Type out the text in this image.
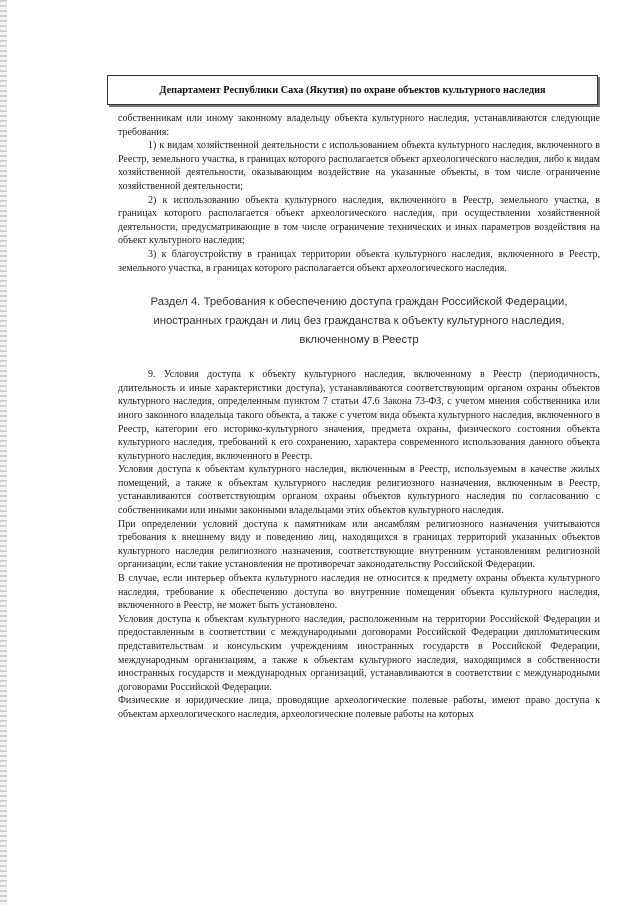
Департамент Республики Саха (Якутия) по охране объектов культурного наследия

собственникам или иному законному владельцу объекта культурного наследия, устанавливаются следующие требования:

1) к видам хозяйственной деятельности с использованием объекта культурного наследия, включенного в Реестр, земельного участка, в границах которого располагается объект археологического наследия, либо к видам хозяйственной деятельности, оказывающим воздействие на указанные объекты, в том числе ограничение хозяйственной деятельности;

2) к использованию объекта культурного наследия, включенного в Реестр, земельного участка, в границах которого располагается объект археологического наследия, при осуществлении хозяйственной деятельности, предусматривающие в том числе ограничение технических и иных параметров воздействия на объект культурного наследия;

3) к благоустройству в границах территории объекта культурного наследия, включенного в Реестр, земельного участка, в границах которого располагается объект археологического наследия.

Раздел 4. Требования к обеспечению доступа граждан Российской Федерации, иностранных граждан и лиц без гражданства к объекту культурного наследия, включенному в Реестр

9. Условия доступа к объекту культурного наследия, включенному в Реестр (периодичность, длительность и иные характеристики доступа), устанавливаются соответствующим органом охраны объектов культурного наследия, определенным пунктом 7 статьи 47.6 Закона 73-ФЗ, с учетом мнения собственника или иного законного владельца такого объекта, а также с учетом вида объекта культурного наследия, включенного в Реестр, категории его историко-культурного значения, предмета охраны, физического состояния объекта культурного наследия, требований к его сохранению, характера современного использования данного объекта культурного наследия, включенного в Реестр.

Условия доступа к объектам культурного наследия, включенным в Реестр, используемым в качестве жилых помещений, а также к объектам культурного наследия религиозного назначения, включенным в Реестр, устанавливаются соответствующим органом охраны объектов культурного наследия по согласованию с собственниками или иными законными владельцами этих объектов культурного наследия.

При определении условий доступа к памятникам или ансамблям религиозного назначения учитываются требования к внешнему виду и поведению лиц, находящихся в границах территорий указанных объектов культурного наследия религиозного назначения, соответствующие внутренним установлениям религиозной организации, если такие установления не противоречат законодательству Российской Федерации.

В случае, если интерьер объекта культурного наследия не относится к предмету охраны объекта культурного наследия, требование к обеспечению доступа во внутренние помещения объекта культурного наследия, включенного в Реестр, не может быть установлено.

Условия доступа к объектам культурного наследия, расположенным на территории Российской Федерации и предоставленным в соответствии с международными договорами Российской Федерации дипломатическим представительствам и консульским учреждениям иностранных государств в Российской Федерации, международным организациям, а также к объектам культурного наследия, находящимся в собственности иностранных государств и международных организаций, устанавливаются в соответствии с международными договорами Российской Федерации.

Физические и юридические лица, проводящие археологические полевые работы, имеют право доступа к объектам археологического наследия, археологические полевые работы на которых
